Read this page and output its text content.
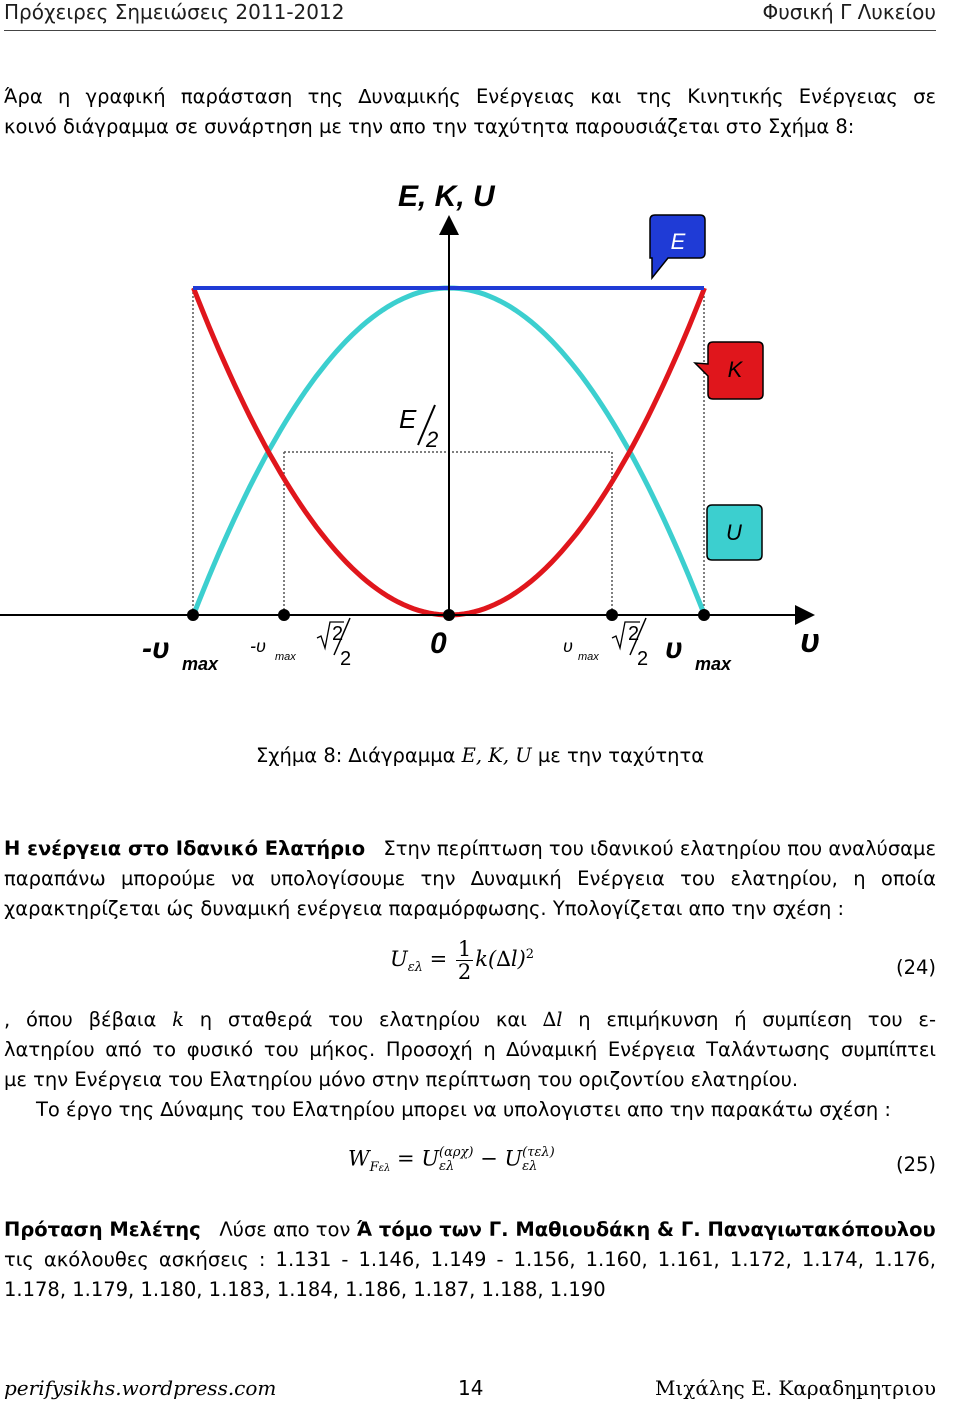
Πρόχειρες Σηµειώσεις 2011-2012	Φυσική Γ Λυκείου
Άρα η γραφική παράσταση της ∆υναµικής Ενέργειας και της Κινητικής Ενέργειας σε
κοινό διάγραµµα σε συνάρτηση µε την απο την ταχύτητα παρουσιάζεται στο Σχήµα 8:
E, K, U
E
K
U
E
2
-υ max
-υ
max
2
2	0	υ
max
2
2 υ max
υ
Σχήµα 8: ∆ιάγραµµα E, K, U µε την ταχύτητα
Η ενέργεια στο Ιδανικό Ελατήριο Στην περίπτωση του ιδανικού ελατηρίου που αναλύσαµε
παραπάνω µπορούµε να υπολογίσουµε την ∆υναµική Ενέργεια του ελατηρίου, η οποία
χαρακτηρίζεται ώς δυναµική ενέργεια παραµόρφωσης. Υπολογίζεται απο την σχέση :
$U_{\varepsilon\lambda} = \frac{1}{2} k(\Delta l)^2$
(24)
, όπου βέβαια k η σταθερά του ελατηρίου και ∆l η επιµήκυνση ή συµπίεση του ε-
λατηρίου από το φυσικό του µήκος. Προσοχή η ∆ύναµική Ενέργεια Ταλάντωσης συµπίπτει
µε την Ενέργεια του Ελατηρίου µόνο στην περίπτωση του οριζοντίου ελατηρίου.
Το έργο της ∆ύναµης του Ελατηρίου µπορει να υπολογιστει απο την παρακάτω σχέση :
$W_{F\varepsilon\lambda} = U$ (αρχ)
ελ	− U (τελ)
ελ	(25)
Πρόταση Μελέτης Λύσε απο τον Ά τόµο των Γ. Μαθιουδάκη & Γ. Παναγιωτακόπουλου
τις ακόλουθες ασκήσεις : 1.131 - 1.146, 1.149 - 1.156, 1.160, 1.161, 1.172, 1.174, 1.176,
1.178, 1.179, 1.180, 1.183, 1.184, 1.186, 1.187, 1.188, 1.190
perifysikhs.wordpress.com	14	Μιχάλης Ε. Καραδηµητριου
